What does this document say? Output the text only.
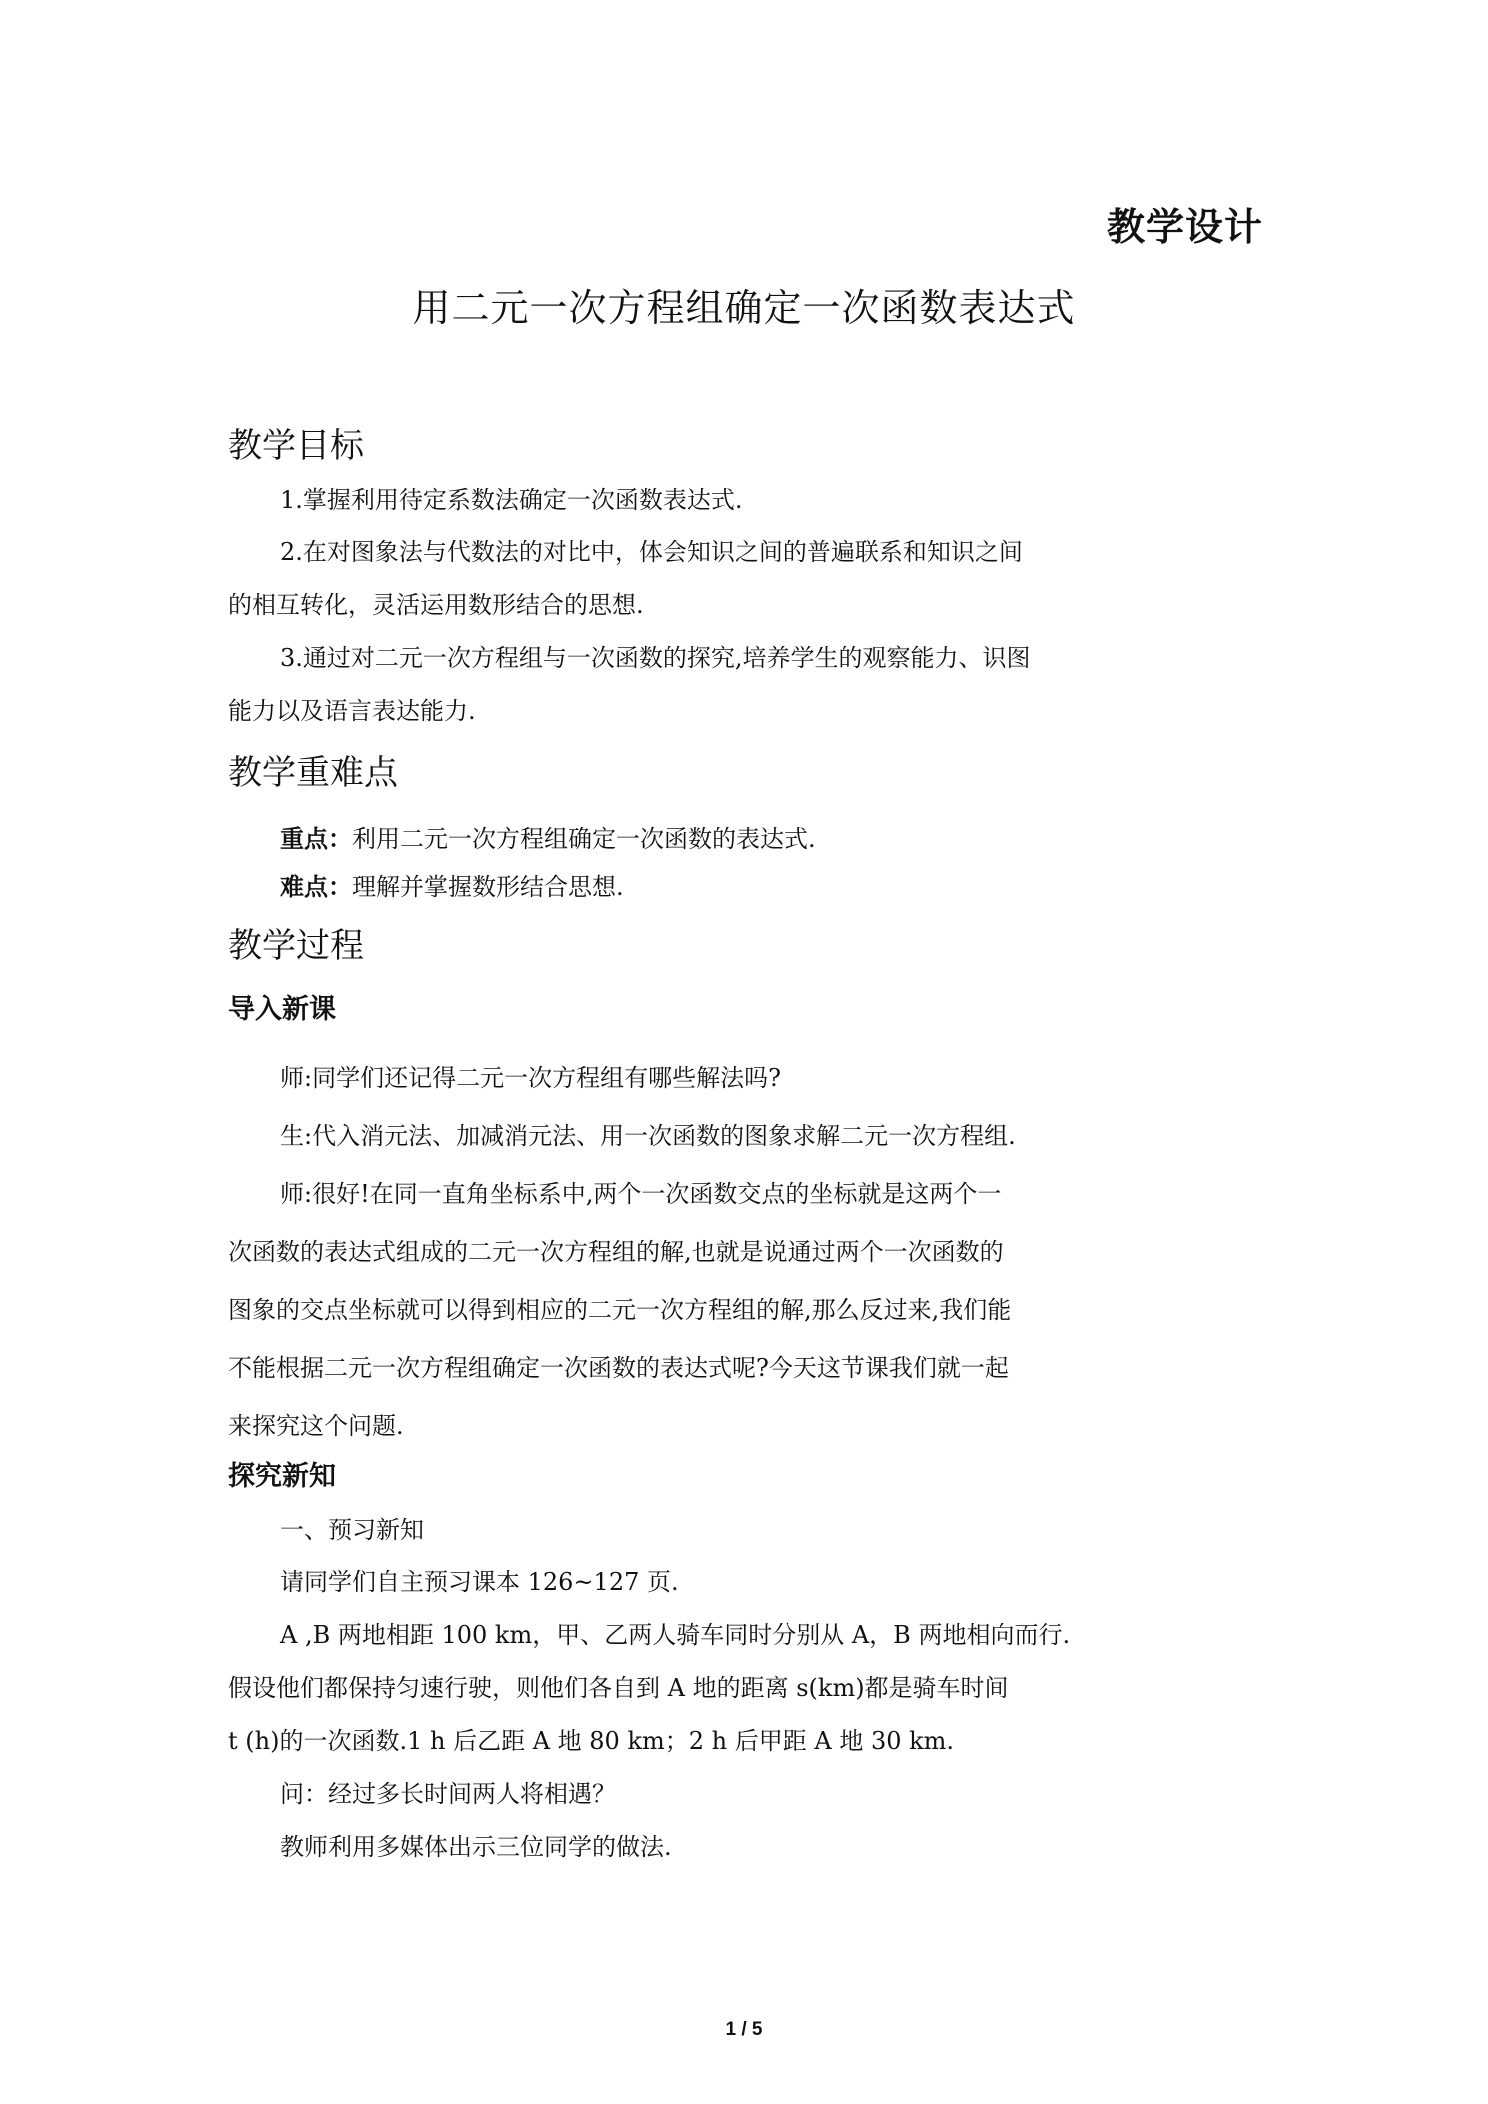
教学设计
用二元一次方程组确定一次函数表达式
教学目标
1.掌握利用待定系数法确定一次函数表达式.
2.在对图象法与代数法的对比中，体会知识之间的普遍联系和知识之间
的相互转化，灵活运用数形结合的思想.
3.通过对二元一次方程组与一次函数的探究,培养学生的观察能力、识图
能力以及语言表达能力.
教学重难点
重点：利用二元一次方程组确定一次函数的表达式.
难点：理解并掌握数形结合思想.
教学过程
导入新课
师:同学们还记得二元一次方程组有哪些解法吗?
生:代入消元法、加减消元法、用一次函数的图象求解二元一次方程组.
师:很好!在同一直角坐标系中,两个一次函数交点的坐标就是这两个一
次函数的表达式组成的二元一次方程组的解,也就是说通过两个一次函数的
图象的交点坐标就可以得到相应的二元一次方程组的解,那么反过来,我们能
不能根据二元一次方程组确定一次函数的表达式呢?今天这节课我们就一起
来探究这个问题.
探究新知
一、预习新知
请同学们自主预习课本 126~127 页.
A ,B 两地相距 100 km，甲、乙两人骑车同时分别从 A，B 两地相向而行.
假设他们都保持匀速行驶，则他们各自到 A 地的距离 s(km)都是骑车时间
t (h)的一次函数.1 h 后乙距 A 地 80 km；2 h 后甲距 A 地 30 km.
问：经过多长时间两人将相遇？
教师利用多媒体出示三位同学的做法.
1 / 5
